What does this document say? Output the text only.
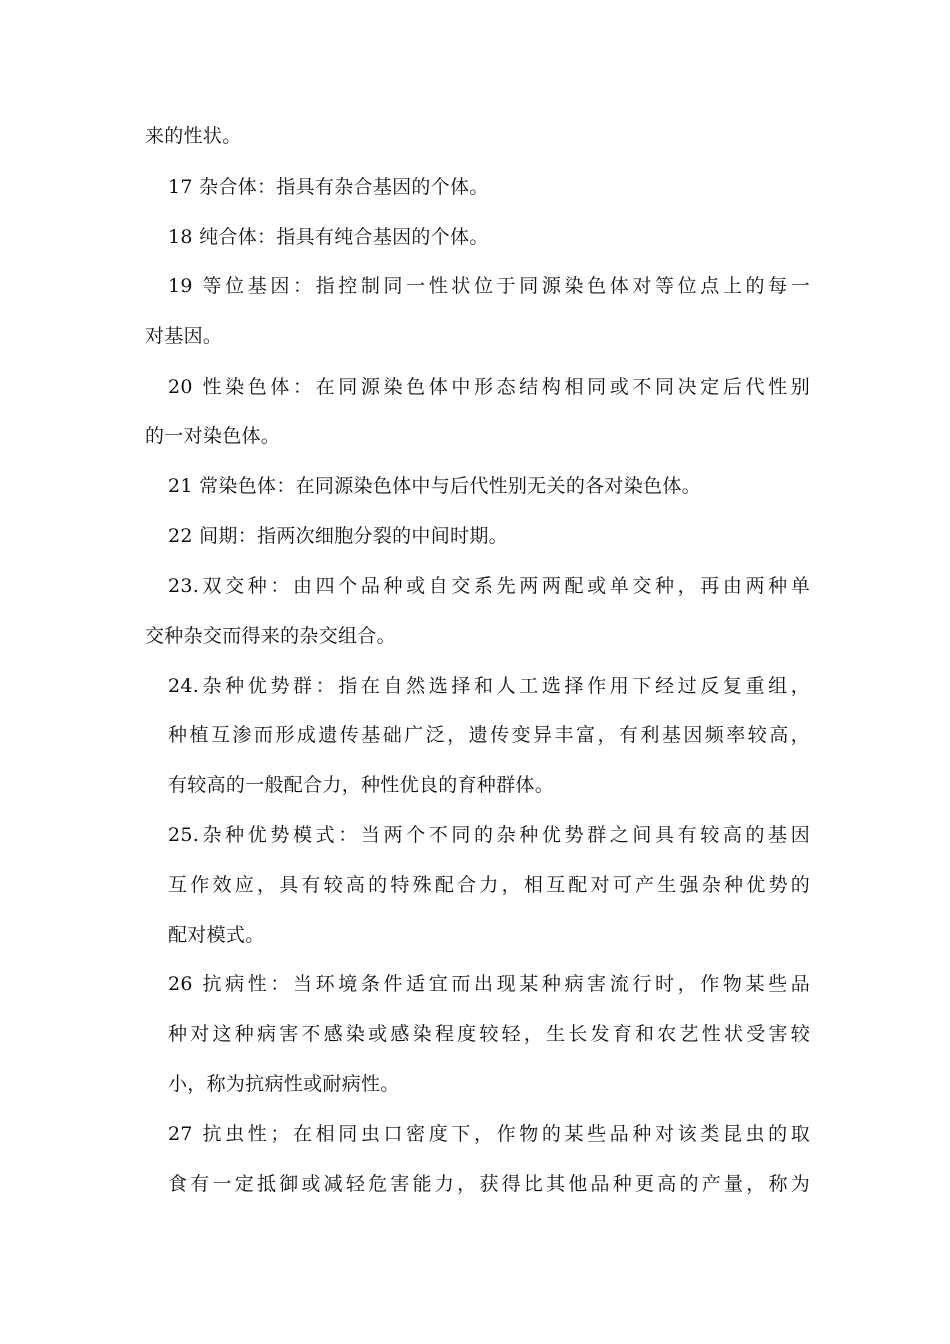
来的性状。
17 杂合体：指具有杂合基因的个体。
18 纯合体：指具有纯合基因的个体。
19 等位基因：指控制同一性状位于同源染色体对等位点上的每一
对基因。
20 性染色体：在同源染色体中形态结构相同或不同决定后代性别
的一对染色体。
21 常染色体：在同源染色体中与后代性别无关的各对染色体。
22 间期：指两次细胞分裂的中间时期。
23.双交种：由四个品种或自交系先两两配或单交种，再由两种单
交种杂交而得来的杂交组合。
24.杂种优势群：指在自然选择和人工选择作用下经过反复重组，
种植互渗而形成遗传基础广泛，遗传变异丰富，有利基因频率较高，
有较高的一般配合力，种性优良的育种群体。
25.杂种优势模式：当两个不同的杂种优势群之间具有较高的基因
互作效应，具有较高的特殊配合力，相互配对可产生强杂种优势的
配对模式。
26 抗病性：当环境条件适宜而出现某种病害流行时，作物某些品
种对这种病害不感染或感染程度较轻，生长发育和农艺性状受害较
小，称为抗病性或耐病性。
27 抗虫性；在相同虫口密度下，作物的某些品种对该类昆虫的取
食有一定抵御或减轻危害能力，获得比其他品种更高的产量，称为
